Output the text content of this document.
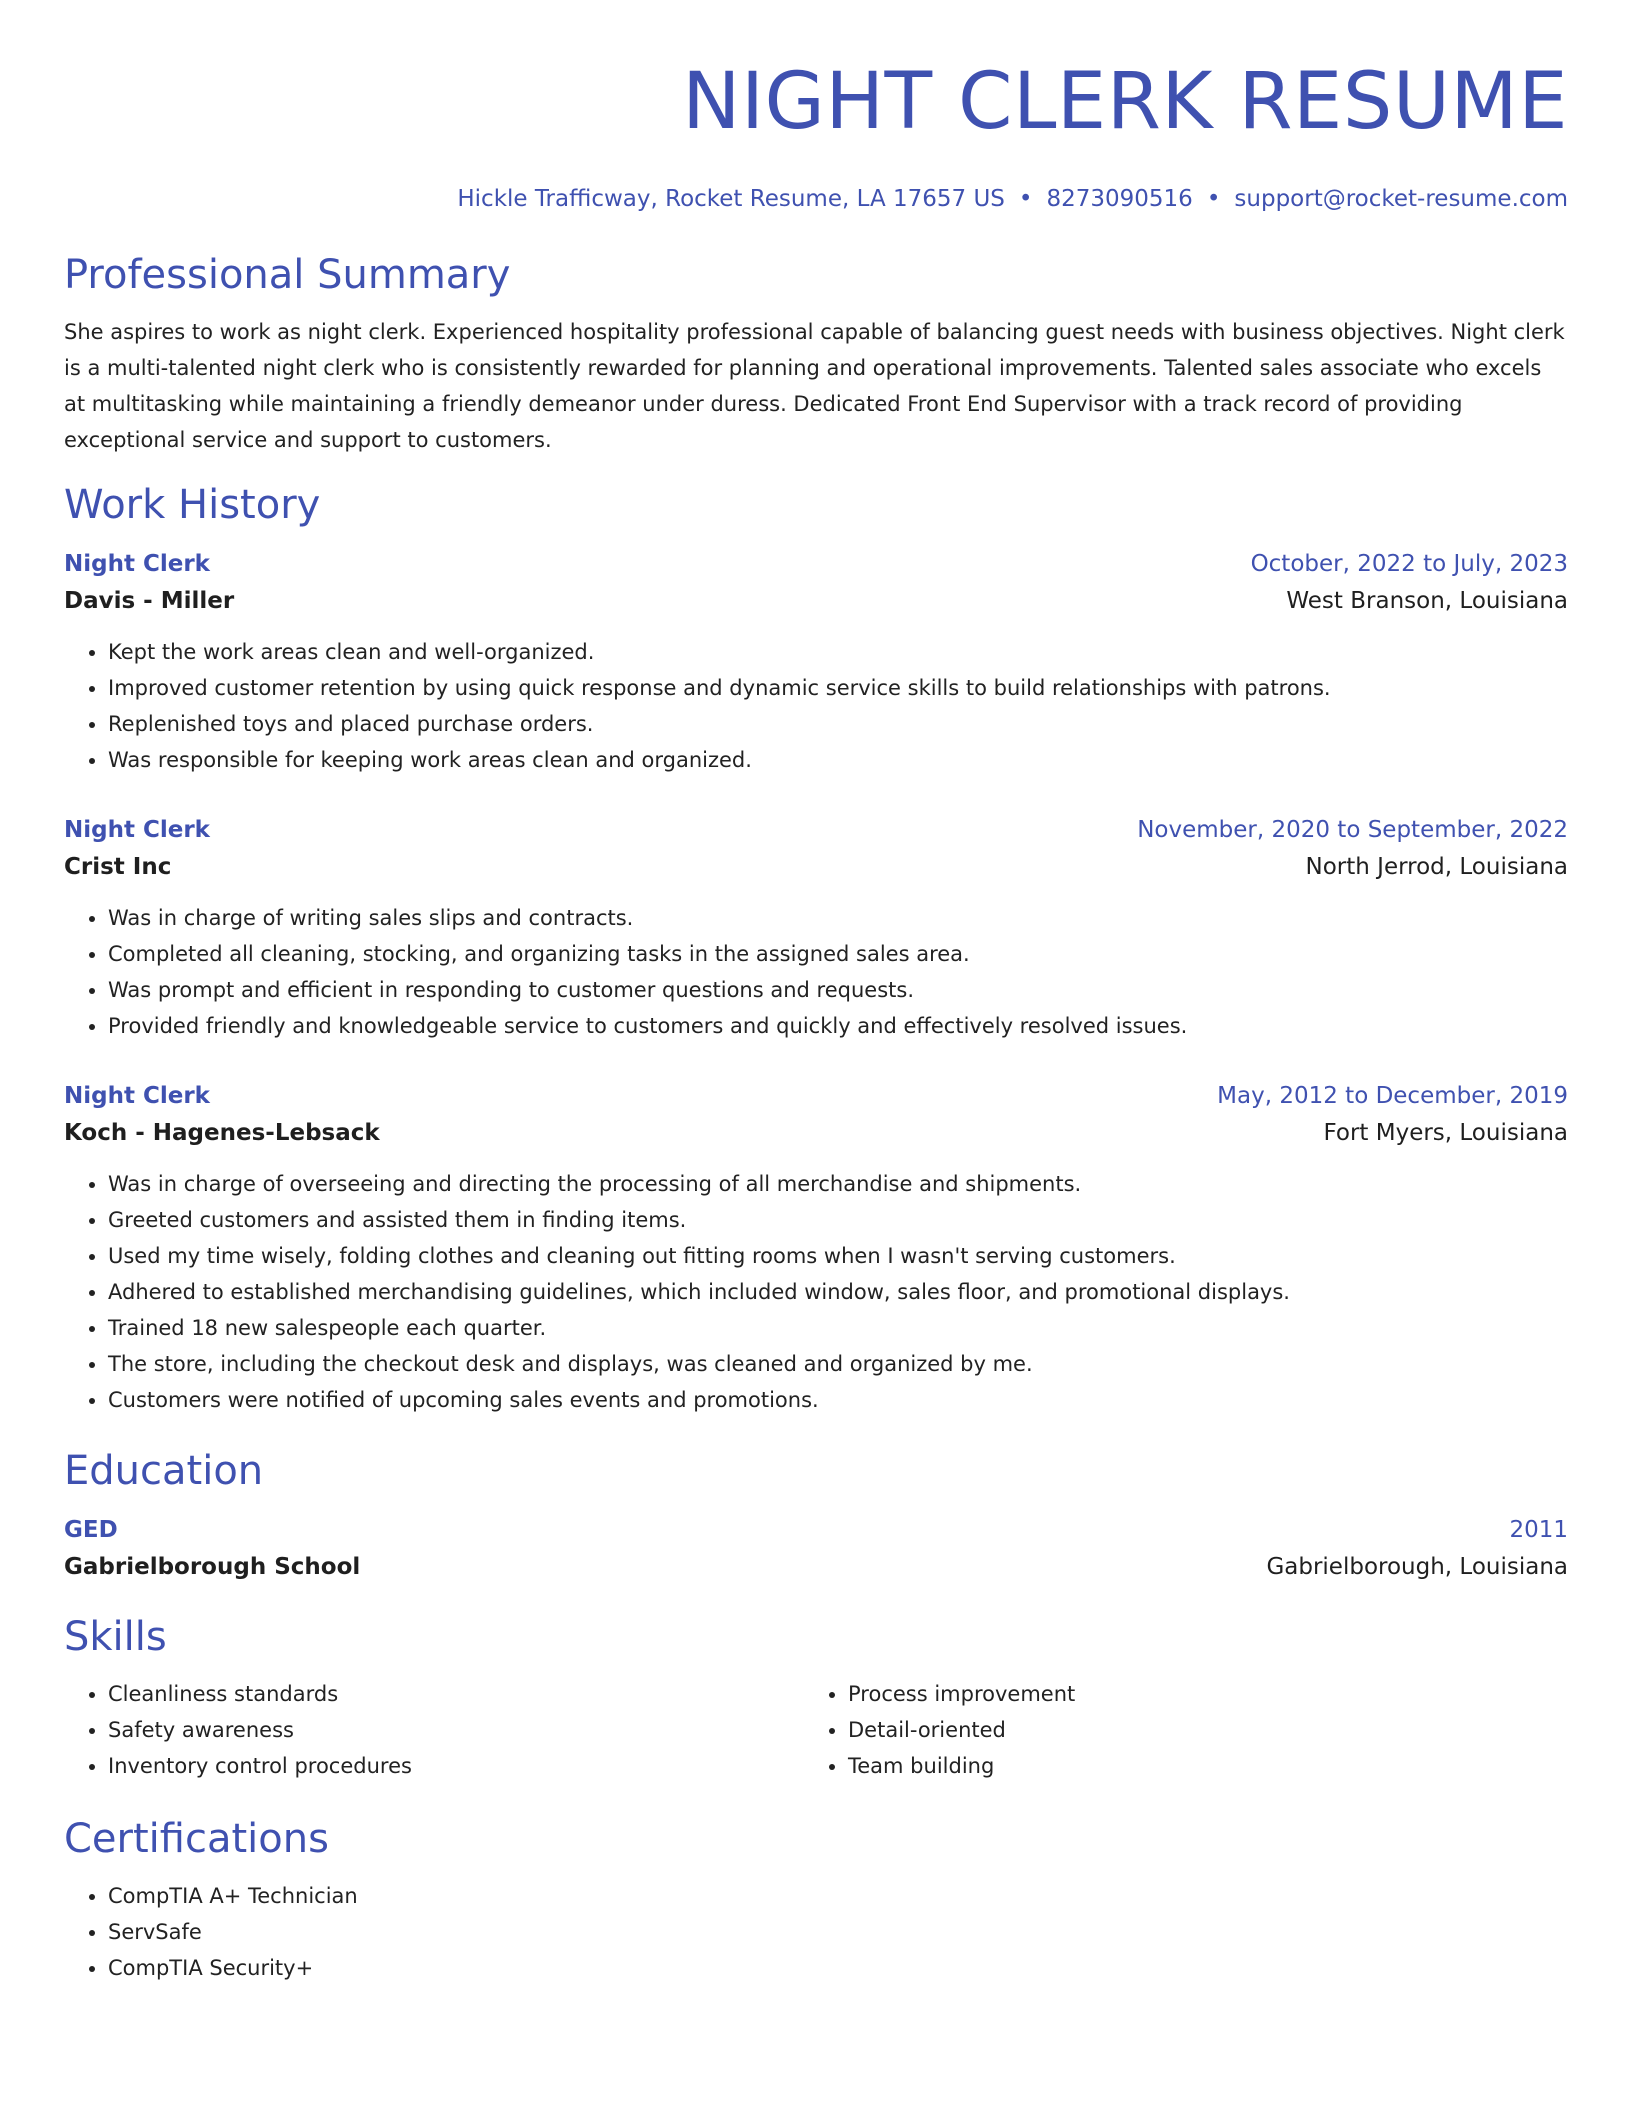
NIGHT CLERK RESUME
Hickle Trafficway, Rocket Resume, LA 17657 US • 8273090516 • support@rocket-resume.com
Professional Summary
She aspires to work as night clerk. Experienced hospitality professional capable of balancing guest needs with business objectives. Night clerk is a multi-talented night clerk who is consistently rewarded for planning and operational improvements. Talented sales associate who excels at multitasking while maintaining a friendly demeanor under duress. Dedicated Front End Supervisor with a track record of providing exceptional service and support to customers.
Work History
Night Clerk	October, 2022 to July, 2023
Davis - Miller	West Branson, Louisiana
• Kept the work areas clean and well-organized.
• Improved customer retention by using quick response and dynamic service skills to build relationships with patrons.
• Replenished toys and placed purchase orders.
• Was responsible for keeping work areas clean and organized.
Night Clerk	November, 2020 to September, 2022
Crist Inc	North Jerrod, Louisiana
• Was in charge of writing sales slips and contracts.
• Completed all cleaning, stocking, and organizing tasks in the assigned sales area.
• Was prompt and efficient in responding to customer questions and requests.
• Provided friendly and knowledgeable service to customers and quickly and effectively resolved issues.
Night Clerk	May, 2012 to December, 2019
Koch - Hagenes-Lebsack	Fort Myers, Louisiana
• Was in charge of overseeing and directing the processing of all merchandise and shipments.
• Greeted customers and assisted them in finding items.
• Used my time wisely, folding clothes and cleaning out fitting rooms when I wasn't serving customers.
• Adhered to established merchandising guidelines, which included window, sales floor, and promotional displays.
• Trained 18 new salespeople each quarter.
• The store, including the checkout desk and displays, was cleaned and organized by me.
• Customers were notified of upcoming sales events and promotions.
Education
GED	2011
Gabrielborough School	Gabrielborough, Louisiana
Skills
• Cleanliness standards
• Safety awareness
• Inventory control procedures
• Process improvement
• Detail-oriented
• Team building
Certifications
• CompTIA A+ Technician
• ServSafe
• CompTIA Security+
